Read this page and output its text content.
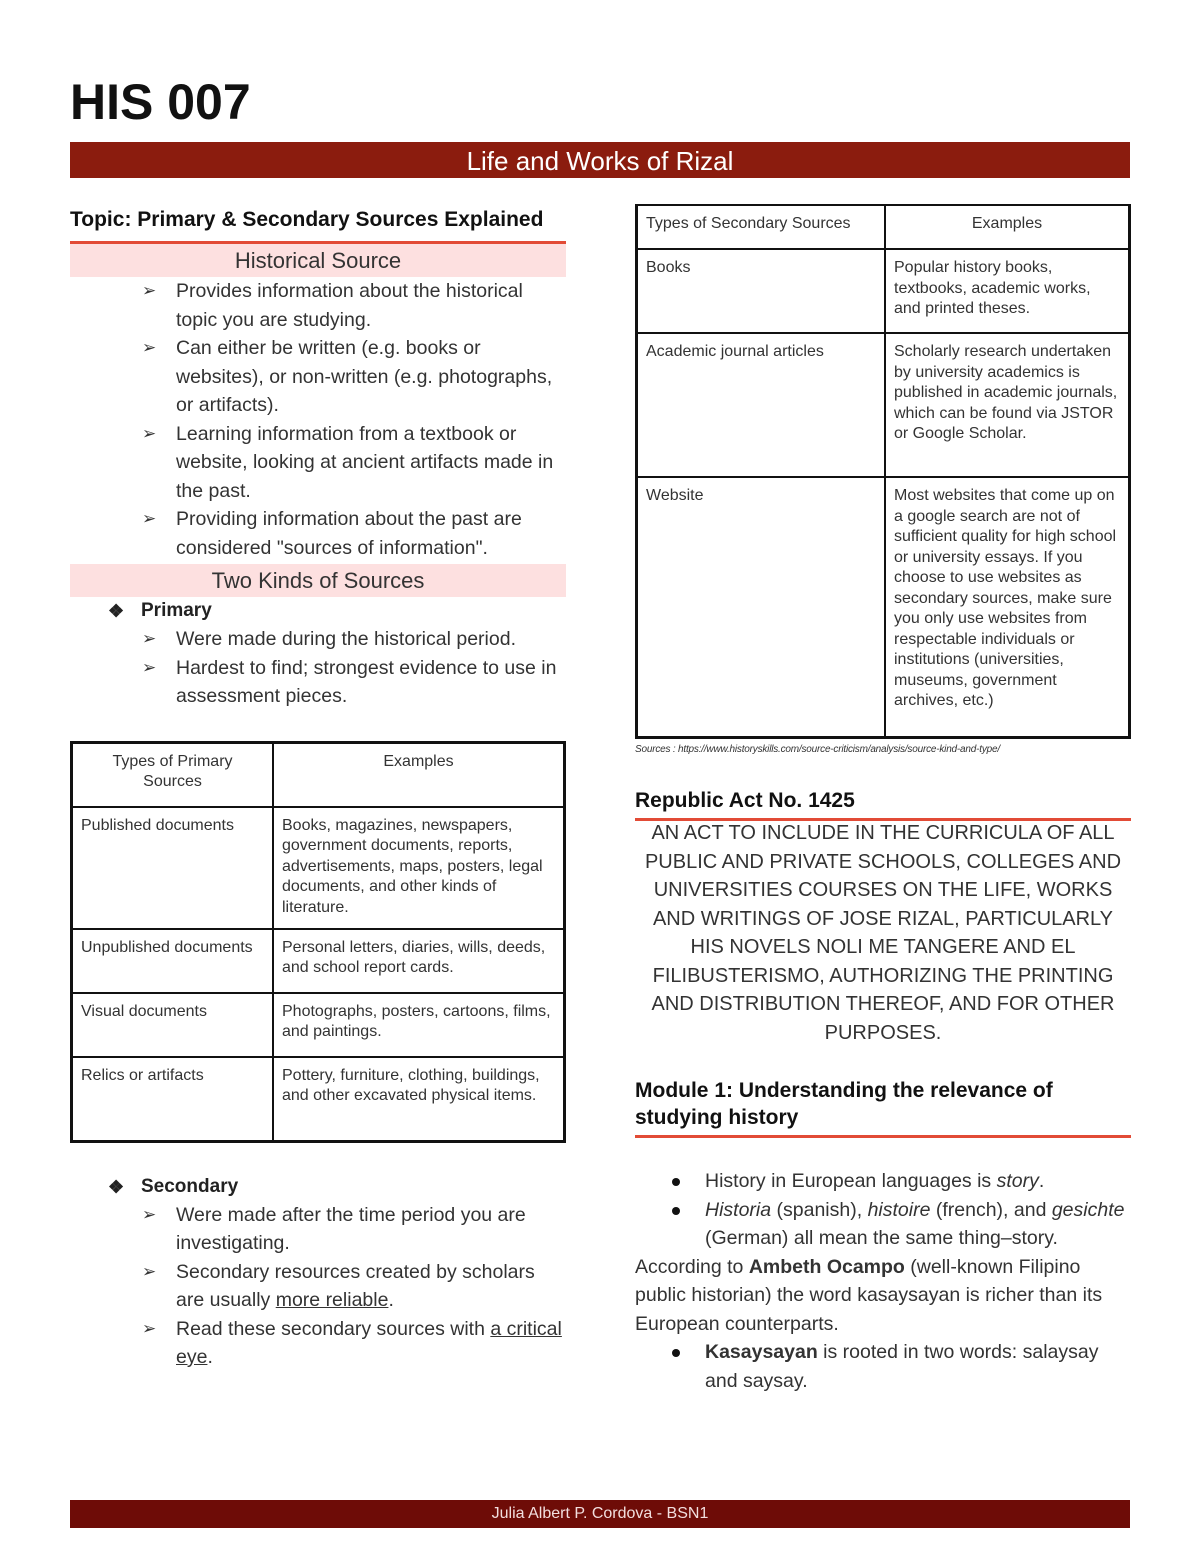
HIS 007
Life and Works of Rizal
Topic: Primary & Secondary Sources Explained
Historical Source
➢ Provides information about the historical topic you are studying.
➢ Can either be written (e.g. books or websites), or non-written (e.g. photographs, or artifacts).
➢ Learning information from a textbook or website, looking at ancient artifacts made in the past.
➢ Providing information about the past are considered "sources of information".
Two Kinds of Sources
❖ Primary
➢ Were made during the historical period.
➢ Hardest to find; strongest evidence to use in assessment pieces.
Types of Primary Sources	Examples
Published documents	Books, magazines, newspapers, government documents, reports, advertisements, maps, posters, legal documents, and other kinds of literature.
Unpublished documents	Personal letters, diaries, wills, deeds, and school report cards.
Visual documents	Photographs, posters, cartoons, films, and paintings.
Relics or artifacts	Pottery, furniture, clothing, buildings, and other excavated physical items.
❖ Secondary
➢ Were made after the time period you are investigating.
➢ Secondary resources created by scholars are usually more reliable.
➢ Read these secondary sources with a critical eye.
Types of Secondary Sources	Examples
Books	Popular history books, textbooks, academic works, and printed theses.
Academic journal articles	Scholarly research undertaken by university academics is published in academic journals, which can be found via JSTOR or Google Scholar.
Website	Most websites that come up on a google search are not of sufficient quality for high school or university essays. If you choose to use websites as secondary sources, make sure you only use websites from respectable individuals or institutions (universities, museums, government archives, etc.)
Sources : https://www.historyskills.com/source-criticism/analysis/source-kind-and-type/
Republic Act No. 1425
AN ACT TO INCLUDE IN THE CURRICULA OF ALL PUBLIC AND PRIVATE SCHOOLS, COLLEGES AND UNIVERSITIES COURSES ON THE LIFE, WORKS AND WRITINGS OF JOSE RIZAL, PARTICULARLY HIS NOVELS NOLI ME TANGERE AND EL FILIBUSTERISMO, AUTHORIZING THE PRINTING AND DISTRIBUTION THEREOF, AND FOR OTHER PURPOSES.
Module 1: Understanding the relevance of studying history
History in European languages is story.
Historia (spanish), histoire (french), and gesichte (German) all mean the same thing–story.
According to Ambeth Ocampo (well-known Filipino public historian) the word kasaysayan is richer than its European counterparts.
Kasaysayan is rooted in two words: salaysay and saysay.
Julia Albert P. Cordova - BSN1
